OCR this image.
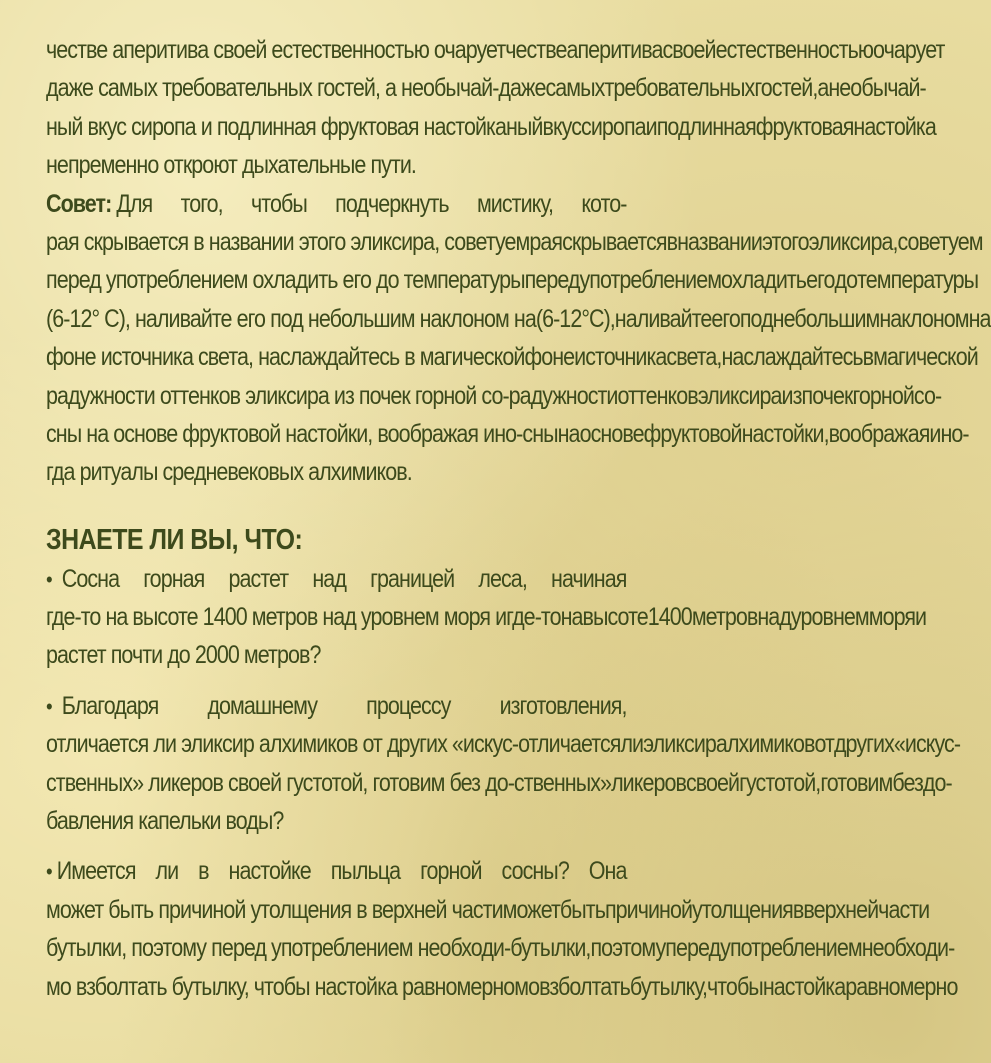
честве аперитива своей естественностью очаруетчестве аперитива своей естественностью очарует
даже самых требовательных гостей, а необычай-даже самых требовательных гостей, а необычай-
ный вкус сиропа и подлинная фруктовая настойканый вкус сиропа и подлинная фруктовая настойка
непременно откроют дыхательные пути.
Совет: Для того, чтобы подчеркнуть мистику, кото-
рая скрывается в названии этого эликсира, советуемрая скрывается в названии этого эликсира, советуем
перед употреблением охладить его до температурыперед употреблением охладить его до температуры
(6-12° C), наливайте его под небольшим наклоном на(6-12° C), наливайте его под небольшим наклоном на
фоне источника света, наслаждайтесь в магическойфоне источника света, наслаждайтесь в магической
радужности оттенков эликсира из почек горной со-радужности оттенков эликсира из почек горной со-
сны на основе фруктовой настойки, воображая ино-сны на основе фруктовой настойки, воображая ино-
гда ритуалы средневековых алхимиков.
ЗНАЕТЕ ЛИ ВЫ, ЧТО:
• Сосна горная растет над границей леса, начиная
где-то на высоте 1400 метров над уровнем моря игде-то на высоте 1400 метров над уровнем моря и
растет почти до 2000 метров?
• Благодаря домашнему процессу изготовления,
отличается ли эликсир алхимиков от других «искус-отличается ли эликсир алхимиков от других «искус-
ственных» ликеров своей густотой, готовим без до-ственных» ликеров своей густотой, готовим без до-
бавления капельки воды?
• Имеется ли в настойке пыльца горной сосны? Она
может быть причиной утолщения в верхней частиможет быть причиной утолщения в верхней части
бутылки, поэтому перед употреблением необходи-бутылки, поэтому перед употреблением необходи-
мо взболтать бутылку, чтобы настойка равномерномо взболтать бутылку, чтобы настойка равномерно
